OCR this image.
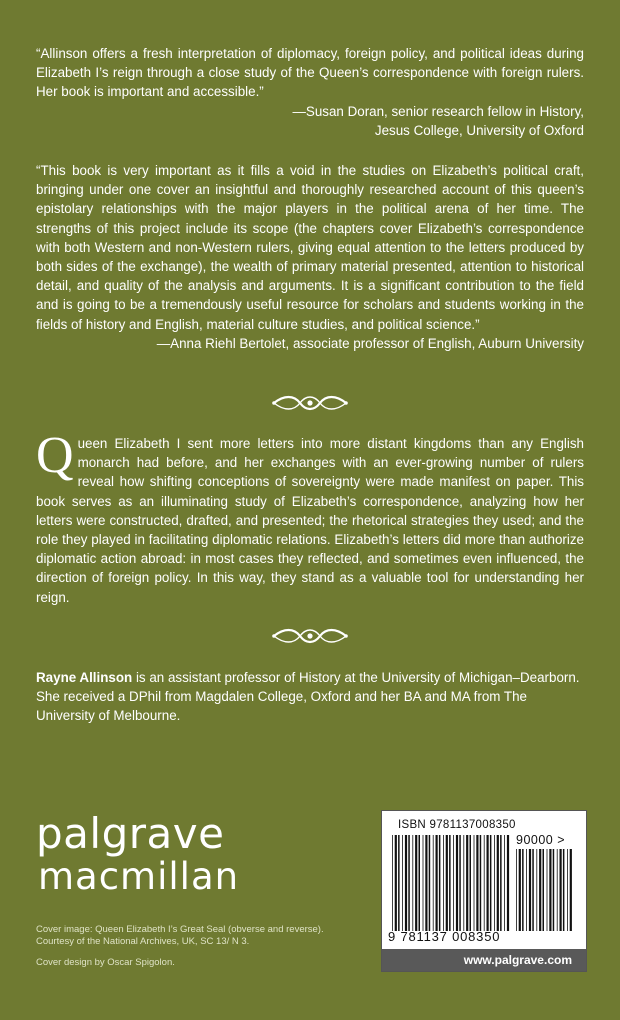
“Allinson offers a fresh interpretation of diplomacy, foreign policy, and political ideas during Elizabeth I’s reign through a close study of the Queen’s correspondence with foreign rulers. Her book is important and accessible.”

—Susan Doran, senior research fellow in History,
Jesus College, University of Oxford

“This book is very important as it fills a void in the studies on Elizabeth’s political craft, bringing under one cover an insightful and thoroughly researched account of this queen’s epistolary relationships with the major players in the political arena of her time. The strengths of this project include its scope (the chapters cover Elizabeth’s correspondence with both Western and non-Western rulers, giving equal attention to the letters produced by both sides of the exchange), the wealth of primary material presented, attention to historical detail, and quality of the analysis and arguments. It is a significant contribution to the field and is going to be a tremendously useful resource for scholars and students working in the fields of history and English, material culture studies, and political science.”

—Anna Riehl Bertolet, associate professor of English, Auburn University
Q ueen Elizabeth I sent more letters into more distant kingdoms than any English monarch had before, and her exchanges with an ever-growing number of rulers reveal how shifting conceptions of sovereignty were made manifest on paper. This book serves as an illuminating study of Elizabeth’s correspondence, analyzing how her letters were constructed, drafted, and presented; the rhetorical strategies they used; and the role they played in facilitating diplomatic relations. Elizabeth’s letters did more than authorize diplomatic action abroad: in most cases they reflected, and sometimes even influenced, the direction of foreign policy. In this way, they stand as a valuable tool for understanding her reign.
Rayne Allinson is an assistant professor of History at the University of Michigan–Dearborn. She received a DPhil from Magdalen College, Oxford and her BA and MA from The University of Melbourne.
palgrave
macmillan

Cover image: Queen Elizabeth I’s Great Seal (obverse and reverse).

Courtesy of the National Archives, UK, SC 13/ N 3.

Cover design by Oscar Spigolon.

ISBN 9781137008350
90000 >
9 781137 008350
www.palgrave.com
